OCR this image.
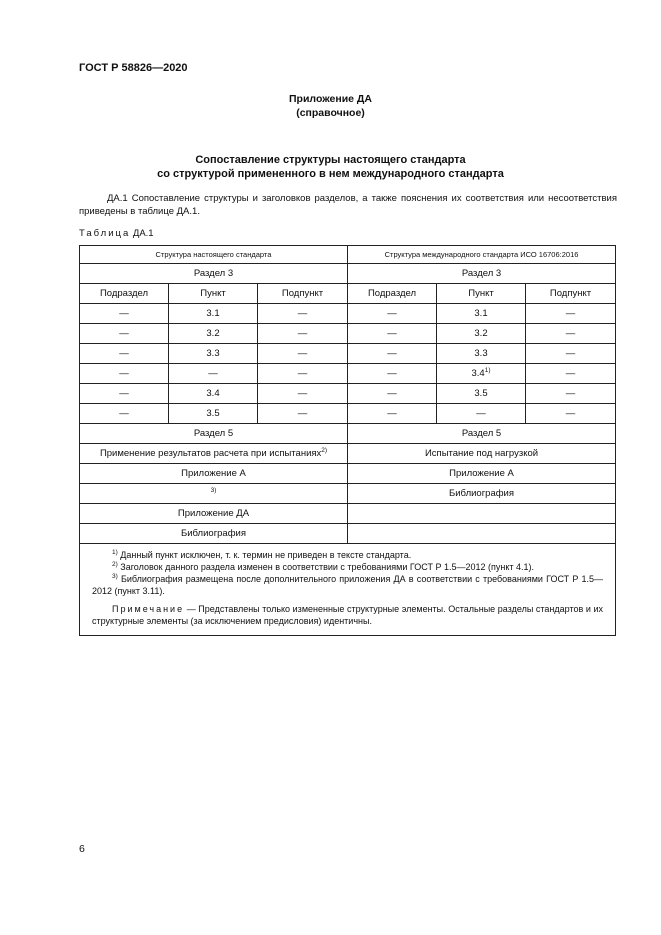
ГОСТ Р 58826—2020
Приложение ДА
(справочное)
Сопоставление структуры настоящего стандарта
со структурой примененного в нем международного стандарта
ДА.1 Сопоставление структуры и заголовков разделов, а также пояснения их соответствия или несоответствия приведены в таблице ДА.1.
Таблица ДА.1
Структура настоящего стандарта			Структура международного стандарта ИСО 16706:2016		
Раздел 3			Раздел 3		
Подраздел	Пункт	Подпункт	Подраздел	Пункт	Подпункт
—	3.1	—	—	3.1	—
—	3.2	—	—	3.2	—
—	3.3	—	—	3.3	—
—	—	—	—	3.4$^{1)}$	—
—	3.4	—	—	3.5	—
—	3.5	—	—	—	—
Раздел 5			Раздел 5		
Применение результатов расчета при испытаниях$^{2)}$			Испытание под нагрузкой		
Приложение А			Приложение А		
$^{3)}$			Библиография		
Приложение ДА					
Библиография					

$^{1)}$ Данный пункт исключен, т. к. термин не приведен в тексте стандарта.
$^{2)}$ Заголовок данного раздела изменен в соответствии с требованиями ГОСТ Р 1.5—2012 (пункт 4.1).
$^{3)}$ Библиография размещена после дополнительного приложения ДА в соответствии с требованиями ГОСТ Р 1.5—2012 (пункт 3.11).
Примечание — Представлены только измененные структурные элементы. Остальные разделы стандартов и их структурные элементы (за исключением предисловия) идентичны.					
6
